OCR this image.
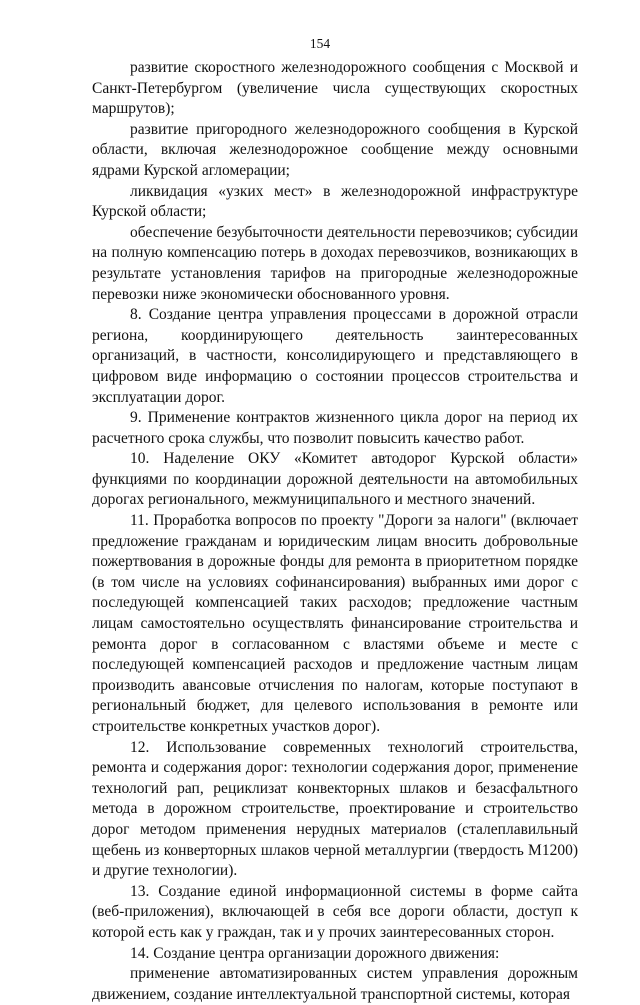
154

развитие скоростного железнодорожного сообщения с Москвой и Санкт-Петербургом (увеличение числа существующих скоростных маршрутов);

развитие пригородного железнодорожного сообщения в Курской области, включая железнодорожное сообщение между основными ядрами Курской агломерации;

ликвидация «узких мест» в железнодорожной инфраструктуре Курской области;

обеспечение безубыточности деятельности перевозчиков; субсидии на полную компенсацию потерь в доходах перевозчиков, возникающих в результате установления тарифов на пригородные железнодорожные перевозки ниже экономически обоснованного уровня.

8. Создание центра управления процессами в дорожной отрасли региона, координирующего деятельность заинтересованных организаций, в частности, консолидирующего и представляющего в цифровом виде информацию о состоянии процессов строительства и эксплуатации дорог.

9. Применение контрактов жизненного цикла дорог на период их расчетного срока службы, что позволит повысить качество работ.

10. Наделение ОКУ «Комитет автодорог Курской области» функциями по координации дорожной деятельности на автомобильных дорогах регионального, межмуниципального и местного значений.

11. Проработка вопросов по проекту "Дороги за налоги" (включает предложение гражданам и юридическим лицам вносить добровольные пожертвования в дорожные фонды для ремонта в приоритетном порядке (в том числе на условиях софинансирования) выбранных ими дорог с последующей компенсацией таких расходов; предложение частным лицам самостоятельно осуществлять финансирование строительства и ремонта дорог в согласованном с властями объеме и месте с последующей компенсацией расходов и предложение частным лицам производить авансовые отчисления по налогам, которые поступают в региональный бюджет, для целевого использования в ремонте или строительстве конкретных участков дорог).

12. Использование современных технологий строительства, ремонта и содержания дорог: технологии содержания дорог, применение технологий рап, рециклизат конвекторных шлаков и безасфальтного метода в дорожном строительстве, проектирование и строительство дорог методом применения нерудных материалов (сталеплавильный щебень из конверторных шлаков черной металлургии (твердость М1200) и другие технологии).

13. Создание единой информационной системы в форме сайта (веб-приложения), включающей в себя все дороги области, доступ к которой есть как у граждан, так и у прочих заинтересованных сторон.

14. Создание центра организации дорожного движения:

применение автоматизированных систем управления дорожным движением, создание интеллектуальной транспортной системы, которая
